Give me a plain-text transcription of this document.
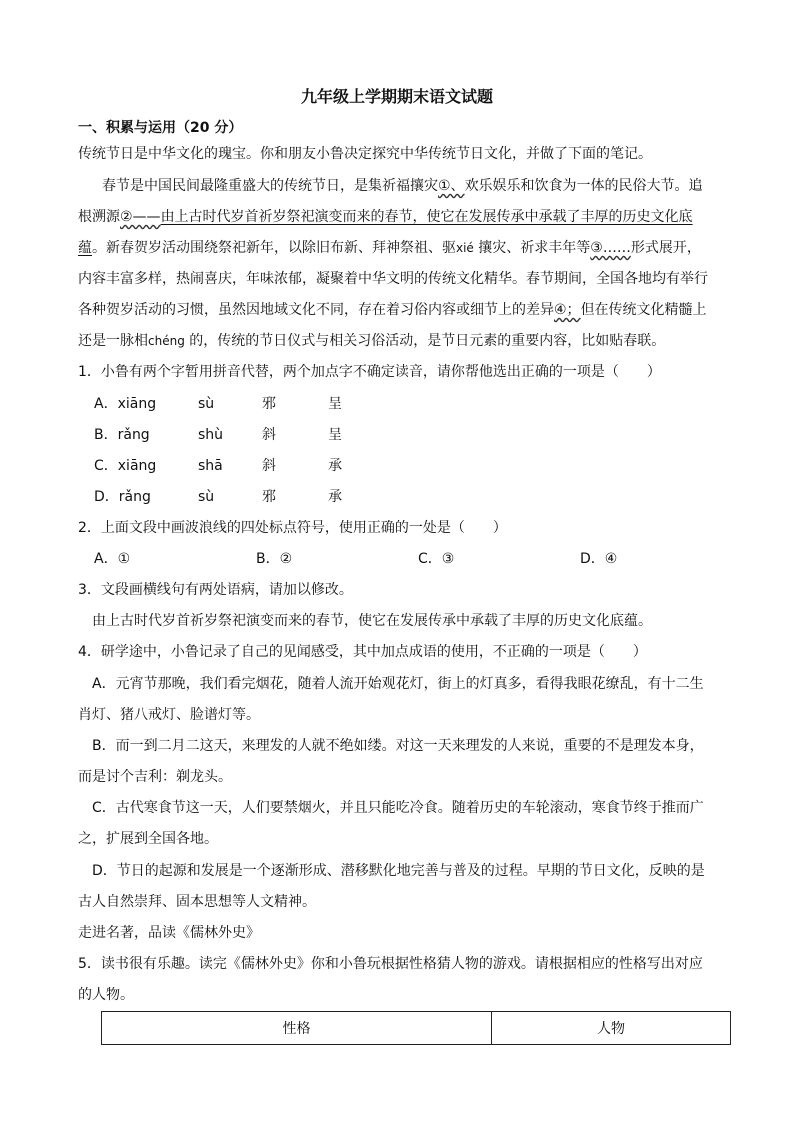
九年级上学期期末语文试题
一、积累与运用（20 分）
传统节日是中华文化的瑰宝。你和朋友小鲁决定探究中华传统节日文化，并做了下面的笔记。
春节是中国民间最隆重盛大的传统节日，是集祈福攘灾①、欢乐娱乐和饮食为一体的民俗大节。追
根溯源②——由上古时代岁首祈岁祭祀演变而来的春节，使它在发展传承中承载了丰厚的历史文化底
蕴。新春贺岁活动围绕祭祀新年，以除旧布新、拜神祭祖、驱xié 攘灾、祈求丰年等③……形式展开，
内容丰富多样，热闹喜庆，年味浓郁，凝聚着中华文明的传统文化精华。春节期间，全国各地均有举行
各种贺岁活动的习惯，虽然因地域文化不同，存在着习俗内容或细节上的差异④；但在传统文化精髓上
还是一脉相chéng 的，传统的节日仪式与相关习俗活动，是节日元素的重要内容，比如贴春联。
1．小鲁有两个字暂用拼音代替，两个加点字不确定读音，请你帮他选出正确的一项是（　　）
A．xiāng	sù	邪	呈
B．rǎng	shù	斜	呈
C．xiāng	shā	斜	承
D．rǎng	sù	邪	承
2．上面文段中画波浪线的四处标点符号，使用正确的一处是（　　）
A．①	B．②	C．③	D．④
3．文段画横线句有两处语病，请加以修改。
由上古时代岁首祈岁祭祀演变而来的春节，使它在发展传承中承载了丰厚的历史文化底蕴。
4．研学途中，小鲁记录了自己的见闻感受，其中加点成语的使用，不正确的一项是（　　）
A．元宵节那晚，我们看完烟花，随着人流开始观花灯，街上的灯真多，看得我眼花缭乱，有十二生
肖灯、猪八戒灯、脸谱灯等。
B．而一到二月二这天，来理发的人就不绝如缕。对这一天来理发的人来说，重要的不是理发本身，
而是讨个吉利：剃龙头。
C．古代寒食节这一天，人们要禁烟火，并且只能吃冷食。随着历史的车轮滚动，寒食节终于推而广
之，扩展到全国各地。
D．节日的起源和发展是一个逐渐形成、潜移默化地完善与普及的过程。早期的节日文化，反映的是
古人自然崇拜、固本思想等人文精神。
走进名著，品读《儒林外史》
5．读书很有乐趣。读完《儒林外史》你和小鲁玩根据性格猜人物的游戏。请根据相应的性格写出对应
的人物。
性格	人物
